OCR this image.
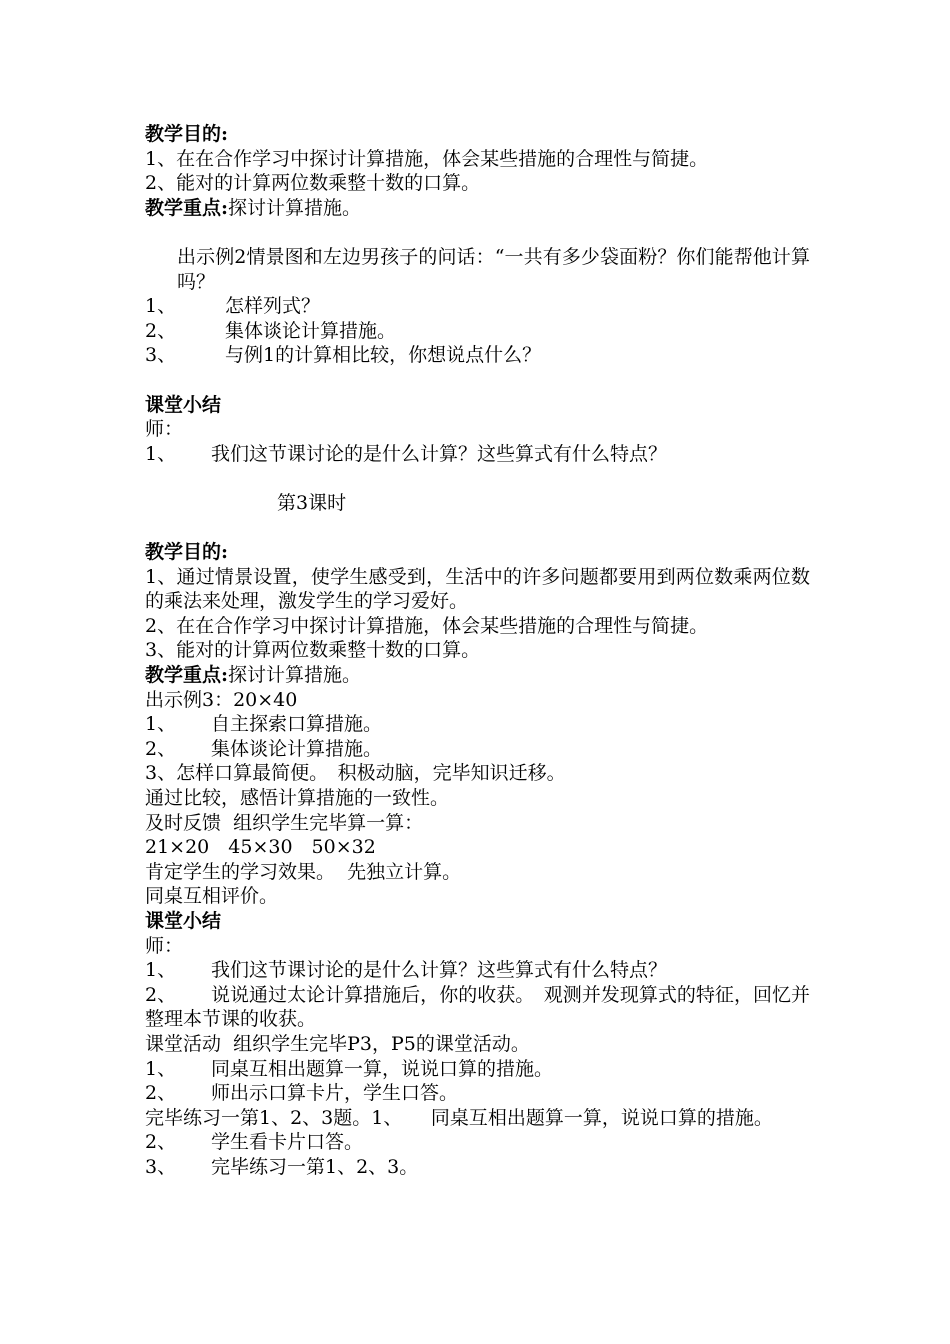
教学目的:
1、在在合作学习中探讨计算措施，体会某些措施的合理性与简捷。
2、能对的计算两位数乘整十数的口算。
教学重点:探讨计算措施。
出示例2情景图和左边男孩子的问话：“一共有多少袋面粉？你们能帮他计算吗？
1、	怎样列式？
2、	集体谈论计算措施。
3、	与例1的计算相比较，你想说点什么？
课堂小结
师：
1、	我们这节课讨论的是什么计算？这些算式有什么特点？
第3课时
教学目的:
1、通过情景设置，使学生感受到，生活中的许多问题都要用到两位数乘两位数的乘法来处理，激发学生的学习爱好。
2、在在合作学习中探讨计算措施，体会某些措施的合理性与简捷。
3、能对的计算两位数乘整十数的口算。
教学重点:探讨计算措施。
出示例3：20×40
1、	自主探索口算措施。
2、	集体谈论计算措施。
3、怎样口算最简便。　积极动脑，完毕知识迁移。
通过比较，感悟计算措施的一致性。
及时反馈  组织学生完毕算一算：
21×20　45×30　50×32
肯定学生的学习效果。  先独立计算。
同桌互相评价。
课堂小结
师：
1、	我们这节课讨论的是什么计算？这些算式有什么特点？
2、 说说通过太论计算措施后，你的收获。　观测并发现算式的特征，回忆并整理本节课的收获。
课堂活动  组织学生完毕P3，P5的课堂活动。
1、	同桌互相出题算一算，说说口算的措施。
2、	师出示口算卡片，学生口答。
完毕练习一第1、2、3题。1、　　同桌互相出题算一算，说说口算的措施。
2、	学生看卡片口答。
3、	完毕练习一第1、2、3。
